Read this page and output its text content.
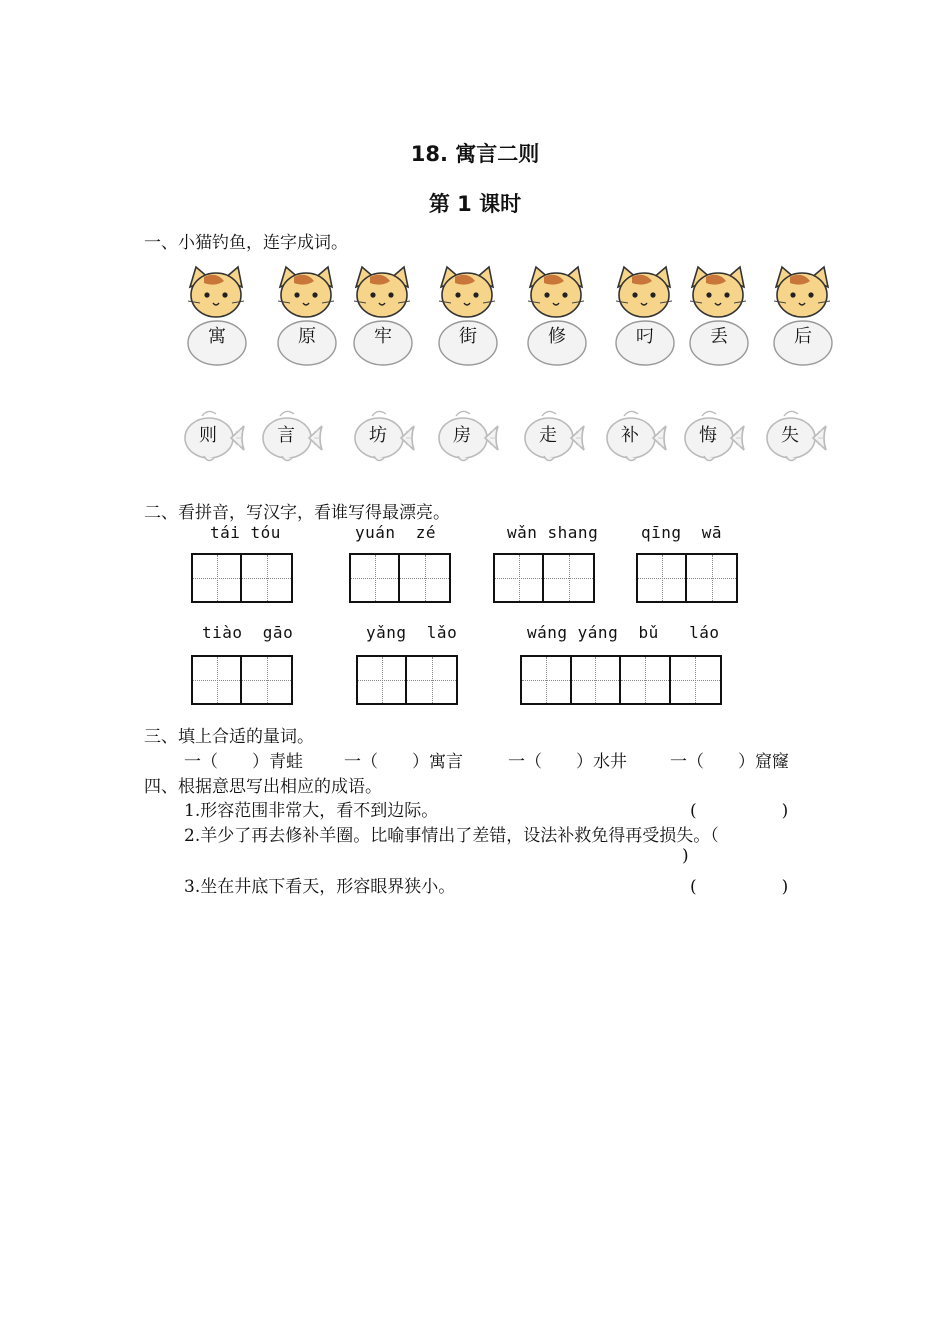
18. 寓言二则
第 1 课时
一、小猫钓鱼，连字成词。
寓	原	牢	街	修	叼	丢	后
则	言	坊	房	走	补	悔	失
二、看拼音，写汉字，看谁写得最漂亮。
tái tóu	yuán  zé	wǎn shang	qīng  wā
tiào  gāo	yǎng  lǎo	wáng yáng  bǔ   láo
三、填上合适的量词。
一（　　）青蛙 一（　　）寓言	一（　　）水井	一（　　）窟窿
四、根据意思写出相应的成语。
1.形容范围非常大，看不到边际。	(　　　　　)
2.羊少了再去修补羊圈。比喻事情出了差错，设法补救免得再受损失。（
)
3.坐在井底下看天，形容眼界狭小。	(　　　　　)
